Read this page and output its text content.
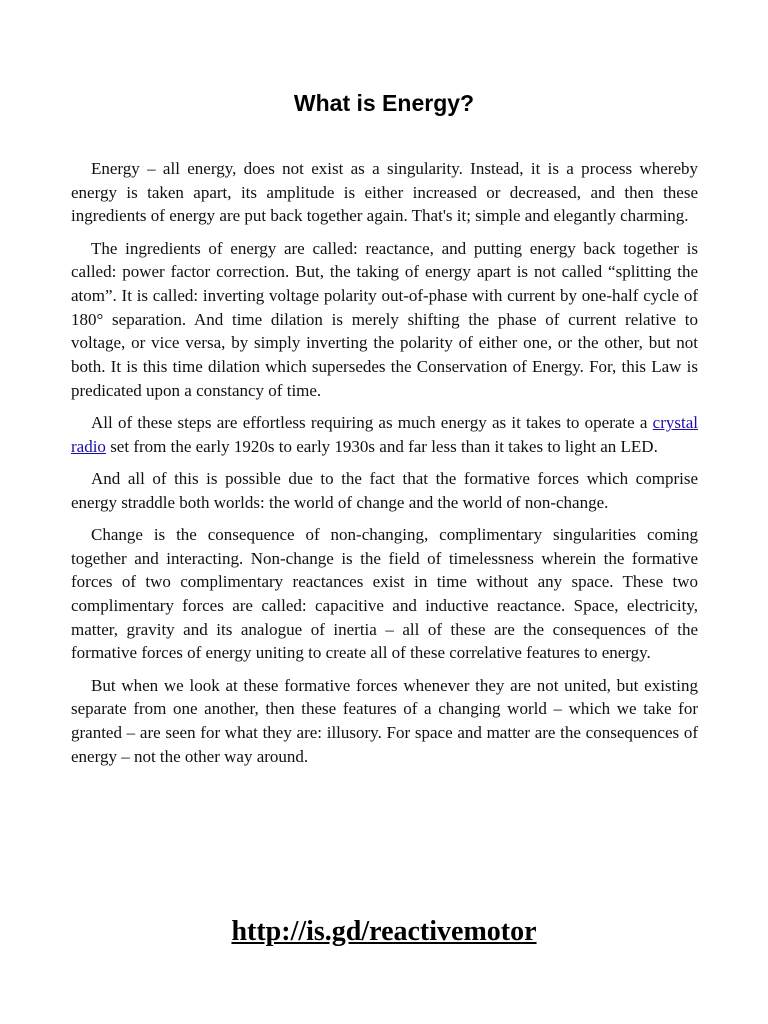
What is Energy?

Energy – all energy, does not exist as a singularity. Instead, it is a process whereby energy is taken apart, its amplitude is either increased or decreased, and then these ingredients of energy are put back together again. That's it; simple and elegantly charming.

The ingredients of energy are called: reactance, and putting energy back together is called: power factor correction. But, the taking of energy apart is not called “splitting the atom”. It is called: inverting voltage polarity out-of-phase with current by one-half cycle of 180° separation. And time dilation is merely shifting the phase of current relative to voltage, or vice versa, by simply inverting the polarity of either one, or the other, but not both. It is this time dilation which supersedes the Conservation of Energy. For, this Law is predicated upon a constancy of time.

All of these steps are effortless requiring as much energy as it takes to operate a crystal radio set from the early 1920s to early 1930s and far less than it takes to light an LED.

And all of this is possible due to the fact that the formative forces which comprise energy straddle both worlds: the world of change and the world of non-change.

Change is the consequence of non-changing, complimentary singularities coming together and interacting. Non-change is the field of timelessness wherein the formative forces of two complimentary reactances exist in time without any space. These two complimentary forces are called: capacitive and inductive reactance. Space, electricity, matter, gravity and its analogue of inertia – all of these are the consequences of the formative forces of energy uniting to create all of these correlative features to energy.

But when we look at these formative forces whenever they are not united, but existing separate from one another, then these features of a changing world – which we take for granted – are seen for what they are: illusory. For space and matter are the consequences of energy – not the other way around.

http://is.gd/reactivemotor
